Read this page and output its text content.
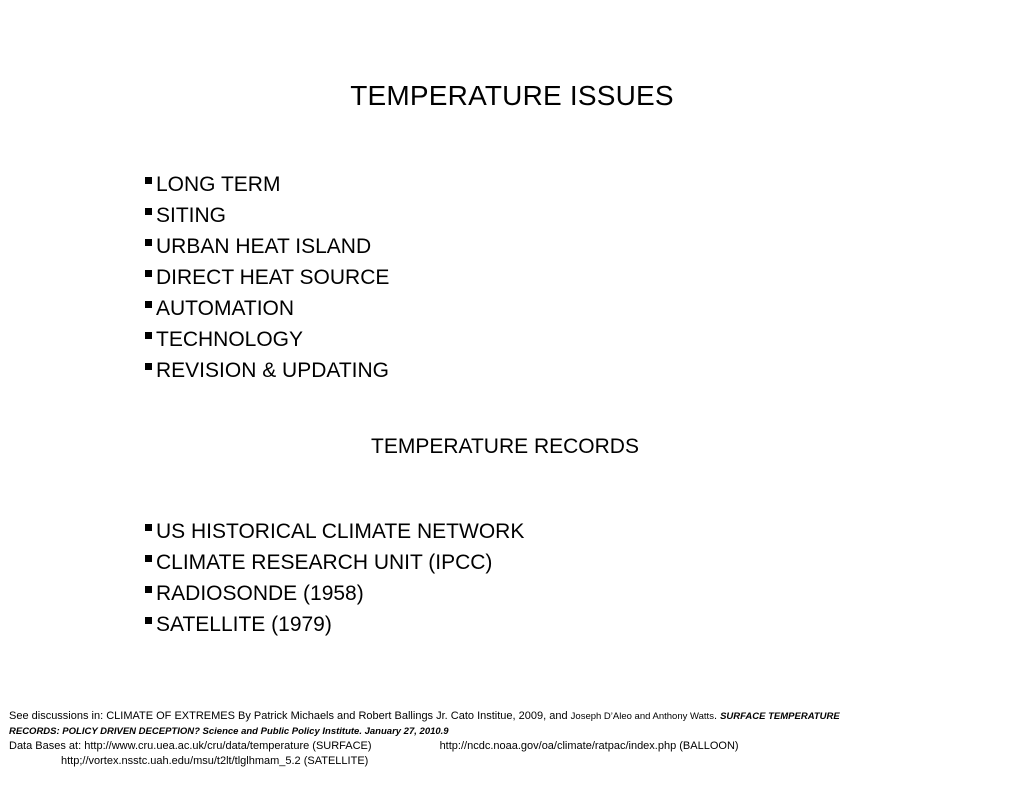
TEMPERATURE ISSUES
LONG TERM
SITING
URBAN HEAT ISLAND
DIRECT HEAT SOURCE
AUTOMATION
TECHNOLOGY
REVISION & UPDATING
TEMPERATURE RECORDS
US HISTORICAL CLIMATE NETWORK
CLIMATE RESEARCH UNIT (IPCC)
RADIOSONDE (1958)
SATELLITE (1979)
See discussions in: CLIMATE OF EXTREMES By Patrick Michaels and Robert Ballings Jr. Cato Institue, 2009, and Joseph D’Aleo and Anthony Watts. SURFACE TEMPERATURE
RECORDS: POLICY DRIVEN DECEPTION? Science and Public Policy Institute. January 27, 2010.9
Data Bases at: http://www.cru.uea.ac.uk/cru/data/temperature (SURFACE)	http://ncdc.noaa.gov/oa/climate/ratpac/index.php (BALLOON)
http;//vortex.nsstc.uah.edu/msu/t2lt/tlglhmam_5.2 (SATELLITE)
